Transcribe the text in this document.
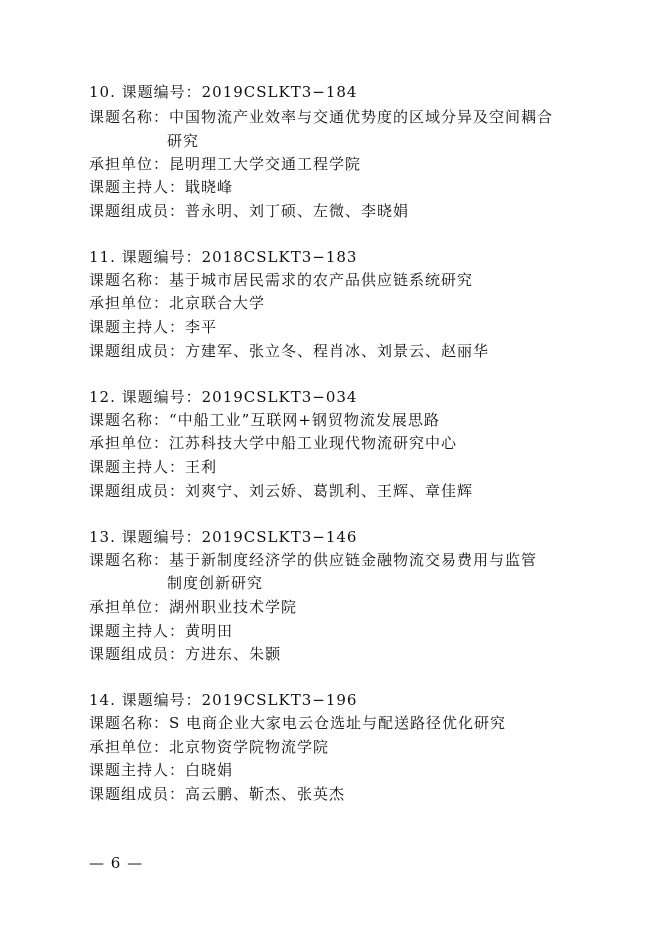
10. 课题编号：2019CSLKT3−184
课题名称：中国物流产业效率与交通优势度的区域分异及空间耦合
研究
承担单位：昆明理工大学交通工程学院
课题主持人：戢晓峰
课题组成员：普永明、刘丁硕、左微、李晓娟
11. 课题编号：2018CSLKT3−183
课题名称：基于城市居民需求的农产品供应链系统研究
承担单位：北京联合大学
课题主持人：李平
课题组成员：方建军、张立冬、程肖冰、刘景云、赵丽华
12. 课题编号：2019CSLKT3−034
课题名称：“中船工业”互联网+钢贸物流发展思路
承担单位：江苏科技大学中船工业现代物流研究中心
课题主持人：王利
课题组成员：刘爽宁、刘云娇、葛凯利、王辉、章佳辉
13. 课题编号：2019CSLKT3−146
课题名称：基于新制度经济学的供应链金融物流交易费用与监管
制度创新研究
承担单位：湖州职业技术学院
课题主持人：黄明田
课题组成员：方进东、朱颢
14. 课题编号：2019CSLKT3−196
课题名称：S 电商企业大家电云仓选址与配送路径优化研究
承担单位：北京物资学院物流学院
课题主持人：白晓娟
课题组成员：高云鹏、靳杰、张英杰
— 6 —
